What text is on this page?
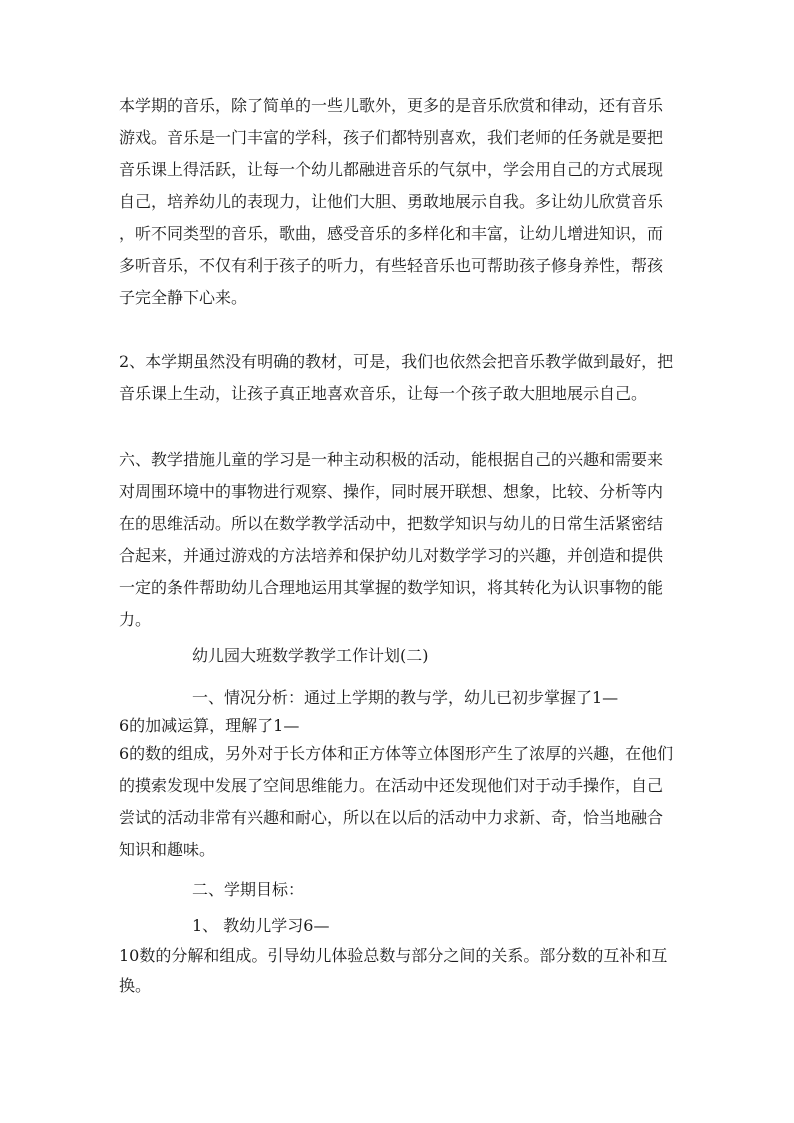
本学期的音乐，除了简单的一些儿歌外，更多的是音乐欣赏和律动，还有音乐
游戏。音乐是一门丰富的学科，孩子们都特别喜欢，我们老师的任务就是要把
音乐课上得活跃，让每一个幼儿都融进音乐的气氛中，学会用自己的方式展现
自己，培养幼儿的表现力，让他们大胆、勇敢地展示自我。多让幼儿欣赏音乐
，听不同类型的音乐，歌曲，感受音乐的多样化和丰富，让幼儿增进知识，而
多听音乐，不仅有利于孩子的听力，有些轻音乐也可帮助孩子修身养性，帮孩
子完全静下心来。
2、本学期虽然没有明确的教材，可是，我们也依然会把音乐教学做到最好，把
音乐课上生动，让孩子真正地喜欢音乐，让每一个孩子敢大胆地展示自己。
六、教学措施儿童的学习是一种主动积极的活动，能根据自己的兴趣和需要来
对周围环境中的事物进行观察、操作，同时展开联想、想象，比较、分析等内
在的思维活动。所以在数学教学活动中，把数学知识与幼儿的日常生活紧密结
合起来，并通过游戏的方法培养和保护幼儿对数学学习的兴趣，并创造和提供
一定的条件帮助幼儿合理地运用其掌握的数学知识，将其转化为认识事物的能
力。
幼儿园大班数学教学工作计划(二)
一、情况分析：通过上学期的教与学，幼儿已初步掌握了1—
6的加减运算，理解了1—
6的数的组成，另外对于长方体和正方体等立体图形产生了浓厚的兴趣，在他们
的摸索发现中发展了空间思维能力。在活动中还发现他们对于动手操作，自己
尝试的活动非常有兴趣和耐心，所以在以后的活动中力求新、奇，恰当地融合
知识和趣味。
二、学期目标：
1、 教幼儿学习6—
10数的分解和组成。引导幼儿体验总数与部分之间的关系。部分数的互补和互
换。
